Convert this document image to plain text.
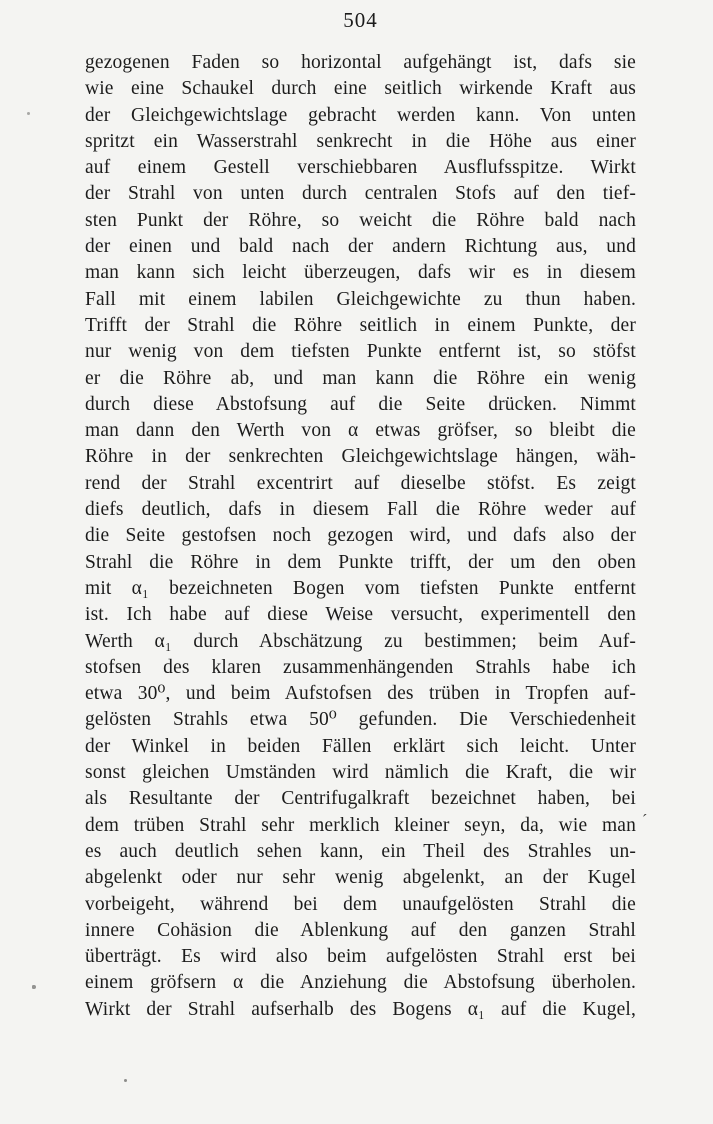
504
gezogenen Faden so horizontal aufgehängt ist, dafs sie
wie eine Schaukel durch eine seitlich wirkende Kraft aus
der Gleichgewichtslage gebracht werden kann. Von unten
spritzt ein Wasserstrahl senkrecht in die Höhe aus einer
auf einem Gestell verschiebbaren Ausflufsspitze. Wirkt
der Strahl von unten durch centralen Stofs auf den tief-
sten Punkt der Röhre, so weicht die Röhre bald nach
der einen und bald nach der andern Richtung aus, und
man kann sich leicht überzeugen, dafs wir es in diesem
Fall mit einem labilen Gleichgewichte zu thun haben.
Trifft der Strahl die Röhre seitlich in einem Punkte, der
nur wenig von dem tiefsten Punkte entfernt ist, so stöfst
er die Röhre ab, und man kann die Röhre ein wenig
durch diese Abstofsung auf die Seite drücken. Nimmt
man dann den Werth von α etwas gröfser, so bleibt die
Röhre in der senkrechten Gleichgewichtslage hängen, wäh-
rend der Strahl excentrirt auf dieselbe stöfst. Es zeigt
diefs deutlich, dafs in diesem Fall die Röhre weder auf
die Seite gestofsen noch gezogen wird, und dafs also der
Strahl die Röhre in dem Punkte trifft, der um den oben
mit α₁ bezeichneten Bogen vom tiefsten Punkte entfernt
ist. Ich habe auf diese Weise versucht, experimentell den
Werth α₁ durch Abschätzung zu bestimmen; beim Auf-
stofsen des klaren zusammenhängenden Strahls habe ich
etwa 30⁰, und beim Aufstofsen des trüben in Tropfen auf-
gelösten Strahls etwa 50⁰ gefunden. Die Verschiedenheit
der Winkel in beiden Fällen erklärt sich leicht. Unter
sonst gleichen Umständen wird nämlich die Kraft, die wir
als Resultante der Centrifugalkraft bezeichnet haben, bei
dem trüben Strahl sehr merklich kleiner seyn, da, wie man
es auch deutlich sehen kann, ein Theil des Strahles un-
abgelenkt oder nur sehr wenig abgelenkt, an der Kugel
vorbeigeht, während bei dem unaufgelösten Strahl die
innere Cohäsion die Ablenkung auf den ganzen Strahl
überträgt. Es wird also beim aufgelösten Strahl erst bei
einem gröfsern α die Anziehung die Abstofsung überholen.
Wirkt der Strahl aufserhalb des Bogens α₁ auf die Kugel,
´
